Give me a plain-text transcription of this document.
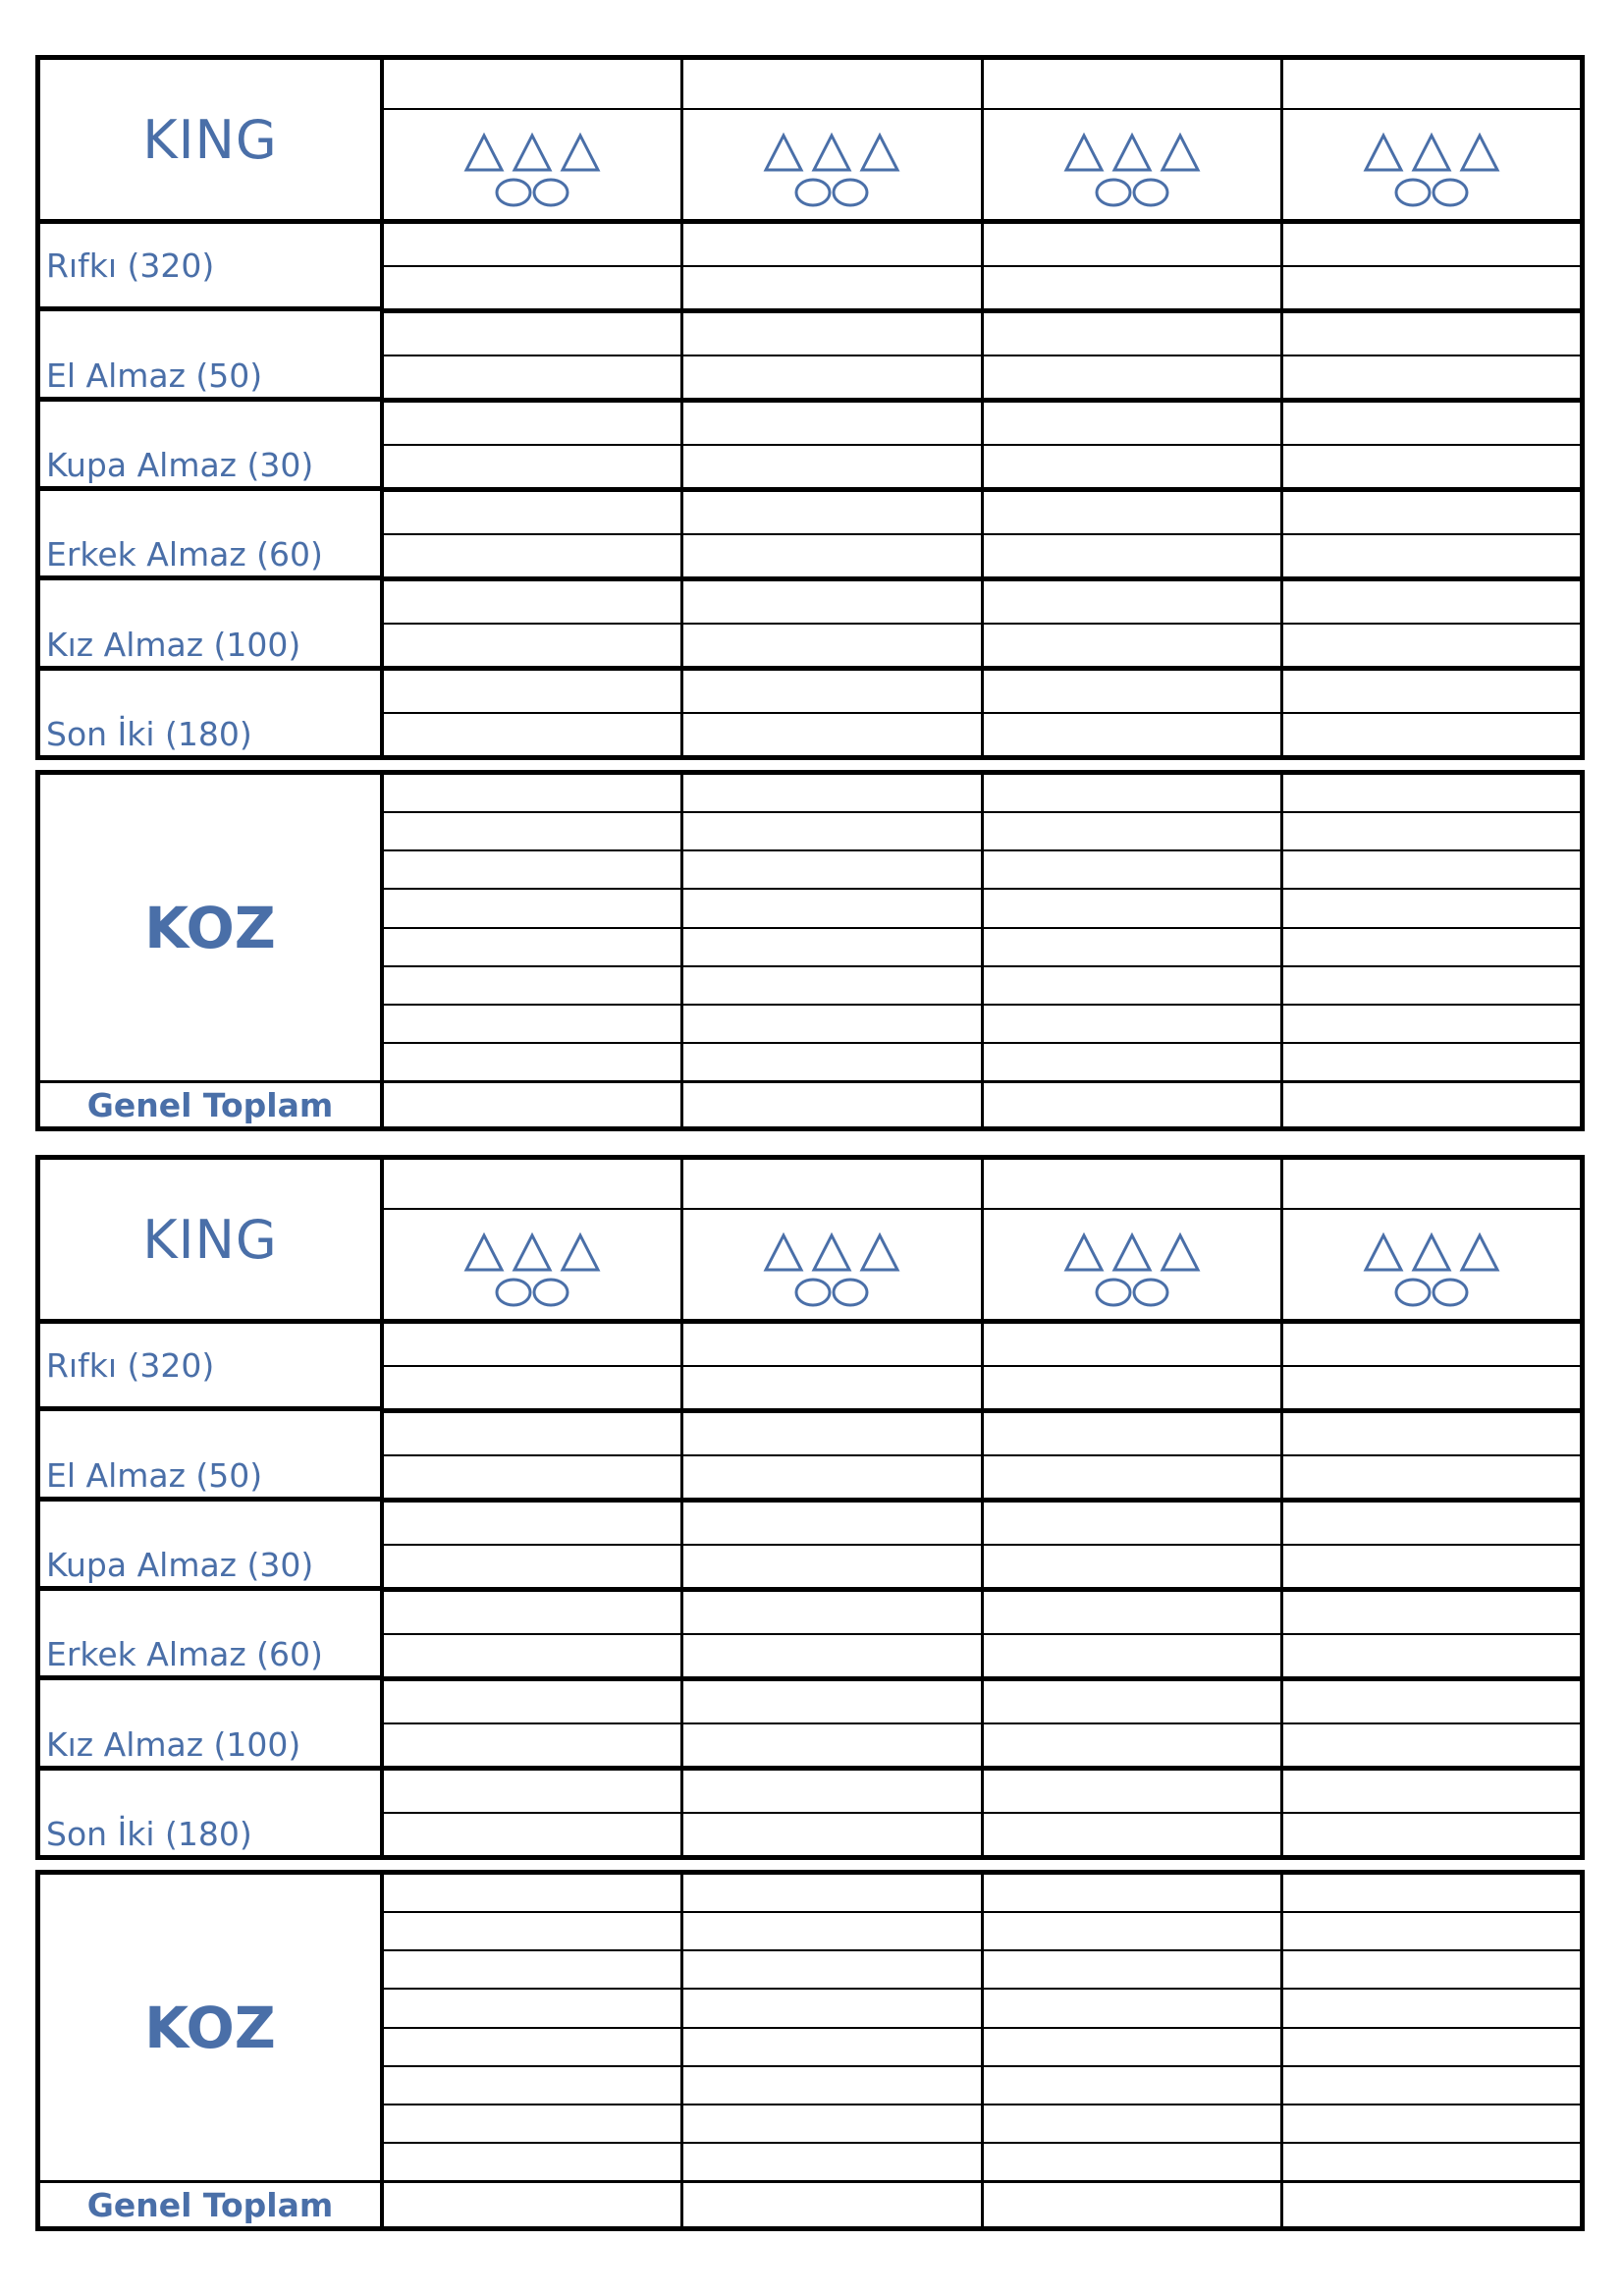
KING
Rıfkı (320)
El Almaz (50)
Kupa Almaz (30)
Erkek Almaz (60)
Kız Almaz (100)
Son İki (180)
KOZ
Genel Toplam
KING
Rıfkı (320)
El Almaz (50)
Kupa Almaz (30)
Erkek Almaz (60)
Kız Almaz (100)
Son İki (180)
KOZ
Genel Toplam
